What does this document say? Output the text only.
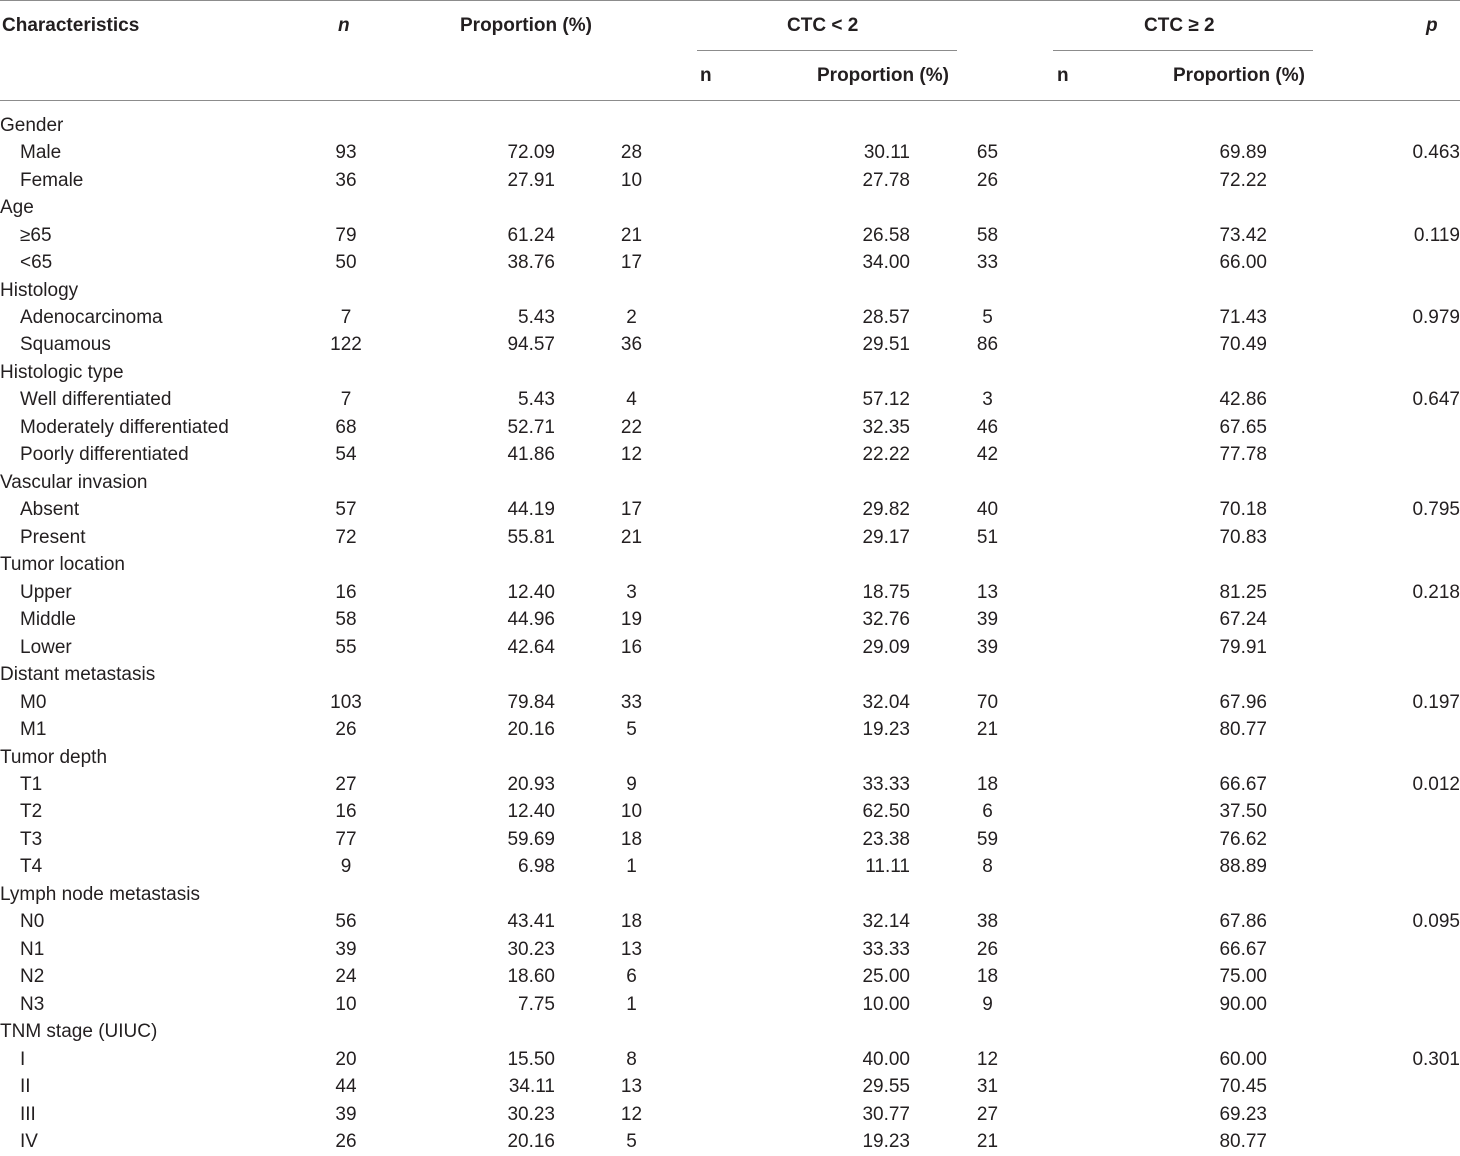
Characteristics	n	Proportion (%)	CTC < 2	CTC ≥ 2	p
n	Proportion (%)	n	Proportion (%)
Gender							
Male	93	72.09	28	30.11	65	69.89	0.463
Female	36	27.91	10	27.78	26	72.22	
Age							
≥65	79	61.24	21	26.58	58	73.42	0.119
<65	50	38.76	17	34.00	33	66.00	
Histology							
Adenocarcinoma	7	5.43	2	28.57	5	71.43	0.979
Squamous	122	94.57	36	29.51	86	70.49	
Histologic type							
Well differentiated	7	5.43	4	57.12	3	42.86	0.647
Moderately differentiated	68	52.71	22	32.35	46	67.65	
Poorly differentiated	54	41.86	12	22.22	42	77.78	
Vascular invasion							
Absent	57	44.19	17	29.82	40	70.18	0.795
Present	72	55.81	21	29.17	51	70.83	
Tumor location							
Upper	16	12.40	3	18.75	13	81.25	0.218
Middle	58	44.96	19	32.76	39	67.24	
Lower	55	42.64	16	29.09	39	79.91	
Distant metastasis							
M0	103	79.84	33	32.04	70	67.96	0.197
M1	26	20.16	5	19.23	21	80.77	
Tumor depth							
T1	27	20.93	9	33.33	18	66.67	0.012
T2	16	12.40	10	62.50	6	37.50	
T3	77	59.69	18	23.38	59	76.62	
T4	9	6.98	1	11.11	8	88.89	
Lymph node metastasis							
N0	56	43.41	18	32.14	38	67.86	0.095
N1	39	30.23	13	33.33	26	66.67	
N2	24	18.60	6	25.00	18	75.00	
N3	10	7.75	1	10.00	9	90.00	
TNM stage (UIUC)							
I	20	15.50	8	40.00	12	60.00	0.301
II	44	34.11	13	29.55	31	70.45	
III	39	30.23	12	30.77	27	69.23	
IV	26	20.16	5	19.23	21	80.77	
